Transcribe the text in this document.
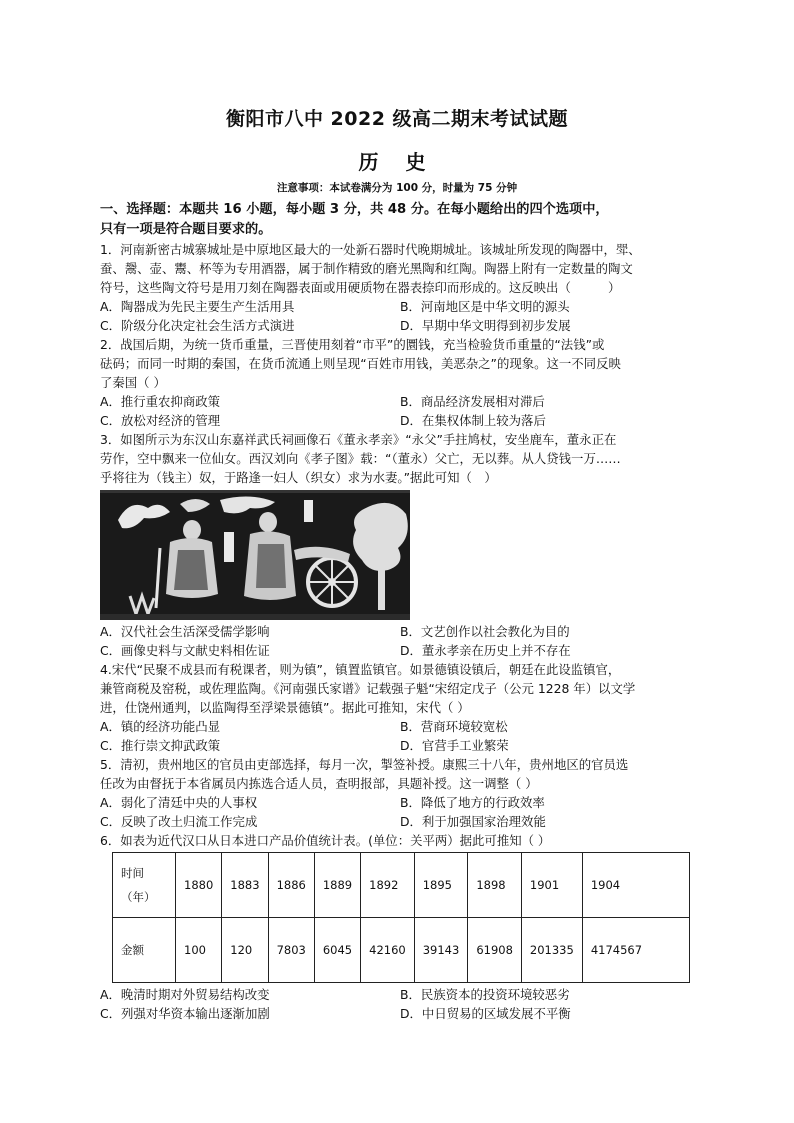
衡阳市八中 2022 级高二期末考试试题
历 史
注意事项：本试卷满分为 100 分，时量为 75 分钟
一、选择题：本题共 16 小题，每小题 3 分，共 48 分。在每小题给出的四个选项中，
只有一项是符合题目要求的。
1．河南新密古城寨城址是中原地区最大的一处新石器时代晚期城址。该城址所发现的陶器中，斝、
蚕、鬶、壶、鬻、杯等为专用酒器，属于制作精致的磨光黑陶和红陶。陶器上附有一定数量的陶文
符号，这些陶文符号是用刀刻在陶器表面或用硬质物在器表捺印而形成的。这反映出（　　　）
A．陶器成为先民主要生产生活用具	B．河南地区是中华文明的源头
C．阶级分化决定社会生活方式演进	D．早期中华文明得到初步发展
2．战国后期，为统一货币重量，三晋使用刻着“市平”的圜钱，充当检验货币重量的“法钱”或
砝码；而同一时期的秦国，在货币流通上则呈现“百姓市用钱，美恶杂之”的现象。这一不同反映
了秦国（ ）
A．推行重农抑商政策	B．商品经济发展相对滞后
C．放松对经济的管理	D．在集权体制上较为落后
3．如图所示为东汉山东嘉祥武氏祠画像石《董永孝亲》“永父”手拄鸠杖，安坐鹿车，董永正在
劳作，空中飘来一位仙女。西汉刘向《孝子图》载：“（董永）父亡，无以葬。从人贷钱一万……
乎将往为（钱主）奴，于路逢一妇人（织女）求为水妻。”据此可知（　）
A．汉代社会生活深受儒学影响	B．文艺创作以社会教化为目的
C．画像史料与文献史料相佐证	D．董永孝亲在历史上并不存在
4.宋代“民聚不成县而有税课者，则为镇”，镇置监镇官。如景德镇设镇后，朝廷在此设监镇官，
兼管商税及窑税，或佐理监陶。《河南强氏家谱》记载强子魁“宋绍定戊子（公元 1228 年）以文学
进，仕饶州通判，以监陶得至浮梁景德镇”。据此可推知，宋代（ ）
A．镇的经济功能凸显	B．营商环境较宽松
C．推行崇文抑武政策	D．官营手工业繁荣
5．清初，贵州地区的官员由吏部选择，每月一次，掣签补授。康熙三十八年，贵州地区的官员选
任改为由督抚于本省属员内拣选合适人员，查明报部，具题补授。这一调整（ ）
A．弱化了清廷中央的人事权	B．降低了地方的行政效率
C．反映了改土归流工作完成	D．利于加强国家治理效能
6．如表为近代汉口从日本进口产品价值统计表。(单位：关平两）据此可推知（ ）
时间
（年）	1880	1883	1886	1889	1892	1895	1898	1901	1904
金额	100	120	7803	6045	42160	39143	61908	201335	4174567
A．晚清时期对外贸易结构改变	B．民族资本的投资环境较恶劣
C．列强对华资本输出逐渐加剧	D．中日贸易的区域发展不平衡
